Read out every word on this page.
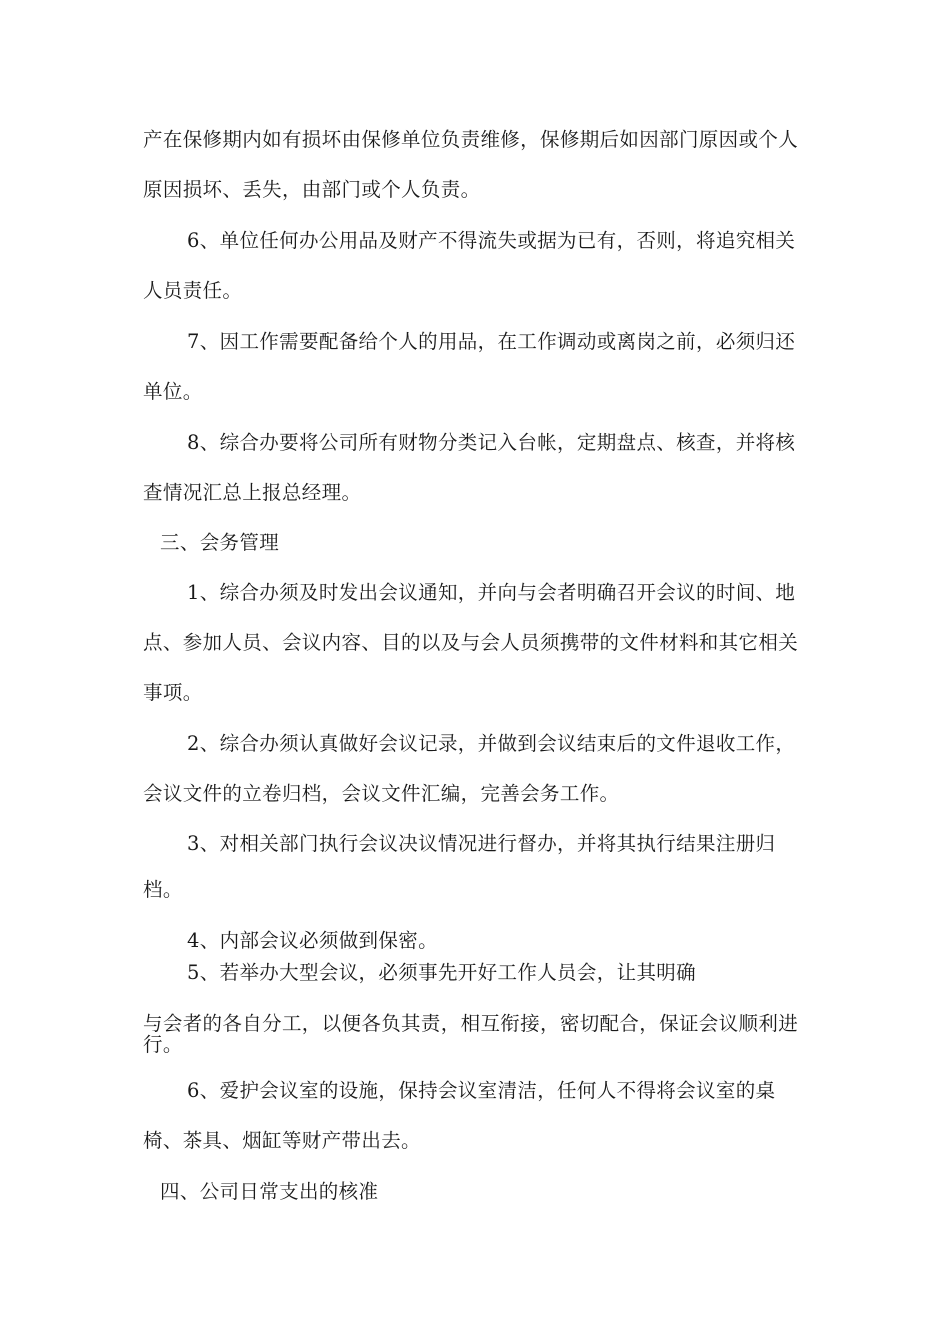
产在保修期内如有损坏由保修单位负责维修，保修期后如因部门原因或个人
原因损坏、丢失，由部门或个人负责。
6、单位任何办公用品及财产不得流失或据为已有，否则，将追究相关
人员责任。
7、因工作需要配备给个人的用品，在工作调动或离岗之前，必须归还
单位。
8、综合办要将公司所有财物分类记入台帐，定期盘点、核查，并将核
查情况汇总上报总经理。
三、会务管理
1、综合办须及时发出会议通知，并向与会者明确召开会议的时间、地
点、参加人员、会议内容、目的以及与会人员须携带的文件材料和其它相关
事项。
2、综合办须认真做好会议记录，并做到会议结束后的文件退收工作，
会议文件的立卷归档，会议文件汇编，完善会务工作。
3、对相关部门执行会议决议情况进行督办，并将其执行结果注册归
档。
4、内部会议必须做到保密。
5、若举办大型会议，必须事先开好工作人员会，让其明确
与会者的各自分工，以便各负其责，相互衔接，密切配合，保证会议顺利进
行。
6、爱护会议室的设施，保持会议室清洁，任何人不得将会议室的桌
椅、茶具、烟缸等财产带出去。
四、公司日常支出的核准
